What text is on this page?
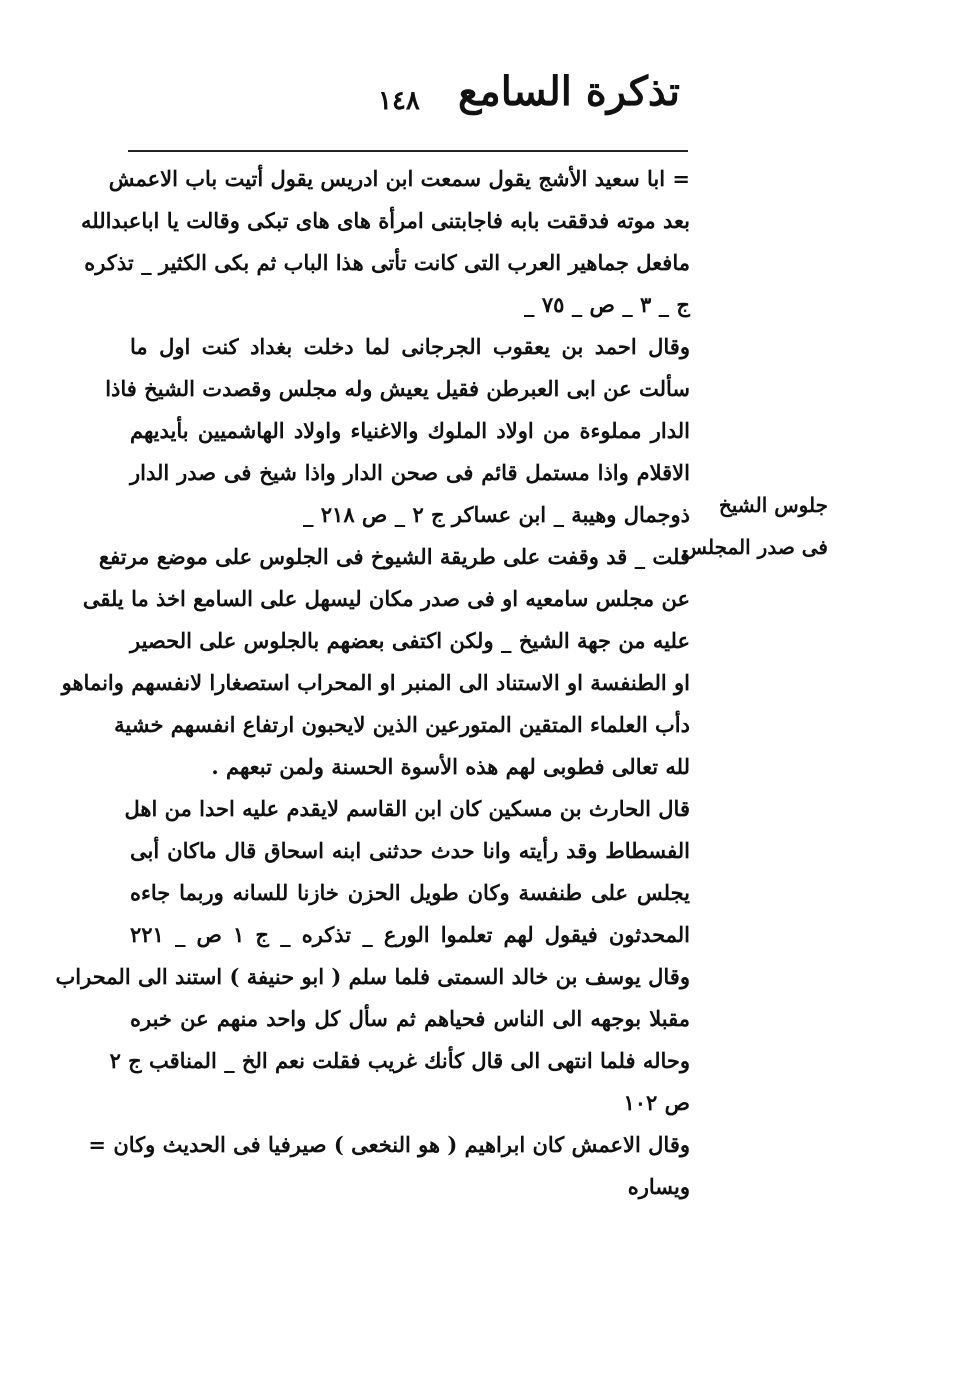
تذكرة السامع
١٤٨
جلوس الشيخ
فى صدر المجلس
= ابا سعيد الأشج يقول سمعت ابن ادريس يقول أتيت باب الاعمش
بعد موته فدققت بابه فاجابتنى امرأة هاى هاى تبكى وقالت يا اباعبدالله
مافعل جماهير العرب التى كانت تأتى هذا الباب ثم بكى الكثير _ تذكره
ج _ ٣ _ ص _ ٧٥ _
وقال احمد بن يعقوب الجرجانى لما دخلت بغداد كنت اول ما
سألت عن ابى العبرطن فقيل يعيش وله مجلس وقصدت الشيخ فاذا
الدار مملوءة من اولاد الملوك والاغنياء واولاد الهاشميين بأيديهم
الاقلام واذا مستمل قائم فى صحن الدار واذا شيخ فى صدر الدار
ذوجمال وهيبة _ ابن عساكر ج ٢ _ ص ٢١٨ _
قلت _ قد وقفت على طريقة الشيوخ فى الجلوس على موضع مرتفع
عن مجلس سامعيه او فى صدر مكان ليسهل على السامع اخذ ما يلقى
عليه من جهة الشيخ _ ولكن اكتفى بعضهم بالجلوس على الحصير
او الطنفسة او الاستناد الى المنبر او المحراب استصغارا لانفسهم وانماهو
دأب العلماء المتقين المتورعين الذين لايحبون ارتفاع انفسهم خشية
لله تعالى فطوبى لهم هذه الأسوة الحسنة ولمن تبعهم .
قال الحارث بن مسكين كان ابن القاسم لايقدم عليه احدا من اهل
الفسطاط وقد رأيته وانا حدث حدثنى ابنه اسحاق قال ماكان أبى
يجلس على طنفسة وكان طويل الحزن خازنا للسانه وربما جاءه
المحدثون فيقول لهم تعلموا الورع _ تذكره _ ج ١ ص _ ٢٢١
وقال يوسف بن خالد السمتى فلما سلم ( ابو حنيفة ) استند الى المحراب
مقبلا بوجهه الى الناس فحياهم ثم سأل كل واحد منهم عن خبره
وحاله فلما انتهى الى قال كأنك غريب فقلت نعم الخ _ المناقب ج ٢
ص ١٠٢
وقال الاعمش كان ابراهيم ( هو النخعى ) صيرفيا فى الحديث وكان =
ويساره
